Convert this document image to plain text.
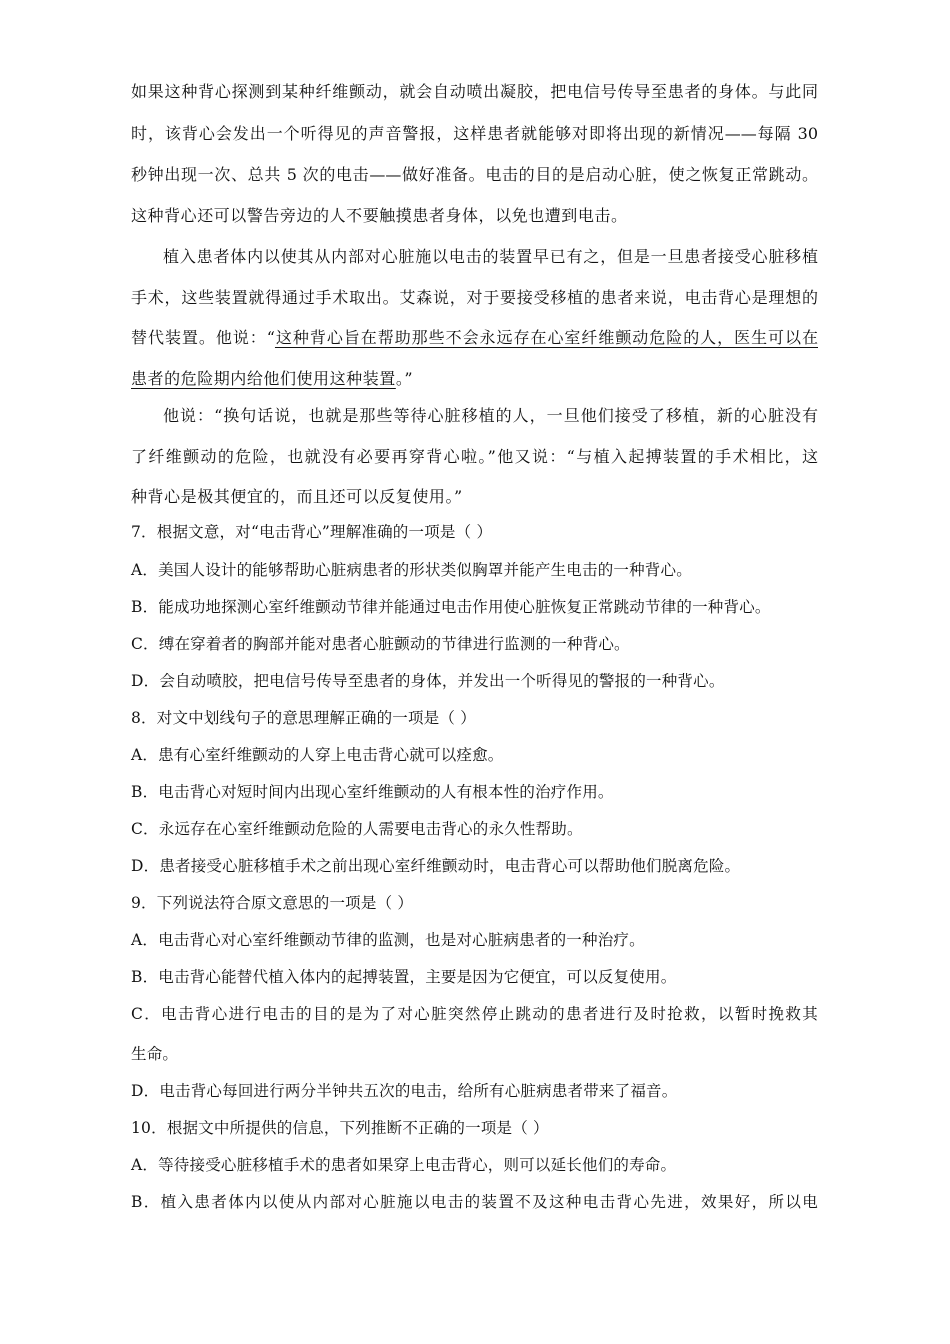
如果这种背心探测到某种纤维颤动，就会自动喷出凝胶，把电信号传导至患者的身体。与此同
时，该背心会发出一个听得见的声音警报，这样患者就能够对即将出现的新情况——每隔 30
秒钟出现一次、总共 5 次的电击——做好准备。电击的目的是启动心脏，使之恢复正常跳动。
这种背心还可以警告旁边的人不要触摸患者身体，以免也遭到电击。
植入患者体内以使其从内部对心脏施以电击的装置早已有之，但是一旦患者接受心脏移植
手术，这些装置就得通过手术取出。艾森说，对于要接受移植的患者来说，电击背心是理想的
替代装置。他说：“这种背心旨在帮助那些不会永远存在心室纤维颤动危险的人，医生可以在
患者的危险期内给他们使用这种装置。”
他说：“换句话说，也就是那些等待心脏移植的人，一旦他们接受了移植，新的心脏没有
了纤维颤动的危险，也就没有必要再穿背心啦。”他又说：“与植入起搏装置的手术相比，这
种背心是极其便宜的，而且还可以反复使用。”
7．根据文意，对“电击背心”理解准确的一项是（ ）
A．美国人设计的能够帮助心脏病患者的形状类似胸罩并能产生电击的一种背心。
B．能成功地探测心室纤维颤动节律并能通过电击作用使心脏恢复正常跳动节律的一种背心。
C．缚在穿着者的胸部并能对患者心脏颤动的节律进行监测的一种背心。
D．会自动喷胶，把电信号传导至患者的身体，并发出一个听得见的警报的一种背心。
8．对文中划线句子的意思理解正确的一项是（ ）
A．患有心室纤维颤动的人穿上电击背心就可以痊愈。
B．电击背心对短时间内出现心室纤维颤动的人有根本性的治疗作用。
C．永远存在心室纤维颤动危险的人需要电击背心的永久性帮助。
D．患者接受心脏移植手术之前出现心室纤维颤动时，电击背心可以帮助他们脱离危险。
9．下列说法符合原文意思的一项是（ ）
A．电击背心对心室纤维颤动节律的监测，也是对心脏病患者的一种治疗。
B．电击背心能替代植入体内的起搏装置，主要是因为它便宜，可以反复使用。
C．电击背心进行电击的目的是为了对心脏突然停止跳动的患者进行及时抢救，以暂时挽救其
生命。
D．电击背心每回进行两分半钟共五次的电击，给所有心脏病患者带来了福音。
10．根据文中所提供的信息，下列推断不正确的一项是（ ）
A．等待接受心脏移植手术的患者如果穿上电击背心，则可以延长他们的寿命。
B．植入患者体内以使从内部对心脏施以电击的装置不及这种电击背心先进，效果好，所以电
